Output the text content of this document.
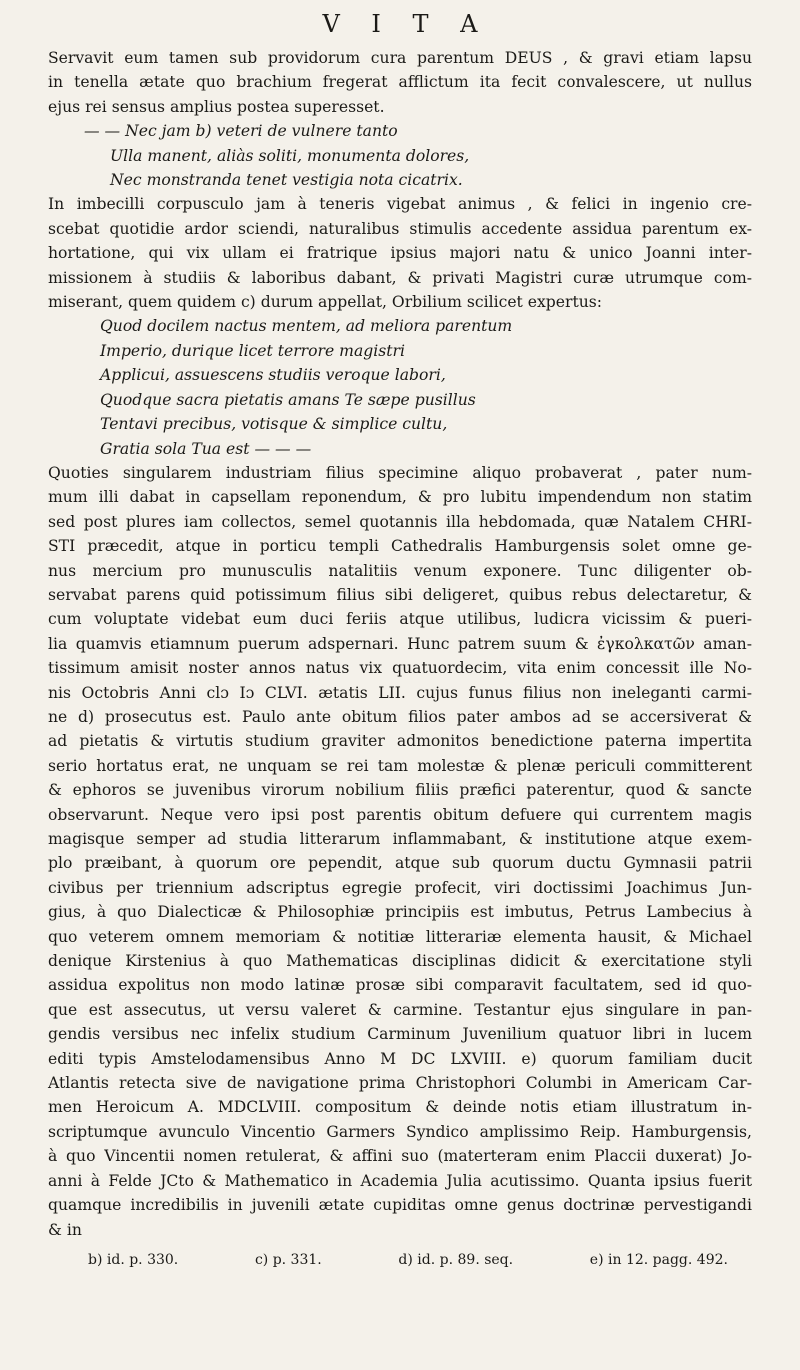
V I T A

Servavit eum tamen sub providorum cura parentum DEUS , & gravi etiam lapsu

in tenella ætate quo brachium fregerat afflictum ita fecit convalescere, ut nullus

ejus rei sensus amplius postea superesset.

— — Nec jam b) veteri de vulnere tanto
Ulla manent, aliàs soliti, monumenta dolores,
Nec monstranda tenet vestigia nota cicatrix.

In imbecilli corpusculo jam à teneris vigebat animus , & felici in ingenio cre-

scebat quotidie ardor sciendi, naturalibus stimulis accedente assidua parentum ex-

hortatione, qui vix ullam ei fratrique ipsius majori natu & unico Joanni inter-

missionem à studiis & laboribus dabant, & privati Magistri curæ utrumque com-

miserant, quem quidem c) durum appellat, Orbilium scilicet expertus:

Quod docilem nactus mentem, ad meliora parentum
Imperio, durique licet terrore magistri
Applicui, assuescens studiis veroque labori,
Quodque sacra pietatis amans Te sæpe pusillus
Tentavi precibus, votisque & simplice cultu,
Gratia sola Tua est — — —

Quoties singularem industriam filius specimine aliquo probaverat , pater num-

mum illi dabat in capsellam reponendum, & pro lubitu impendendum non statim

sed post plures iam collectos, semel quotannis illa hebdomada, quæ Natalem CHRI-

STI præcedit, atque in porticu templi Cathedralis Hamburgensis solet omne ge-

nus mercium pro munusculis natalitiis venum exponere. Tunc diligenter ob-

servabat parens quid potissimum filius sibi deligeret, quibus rebus delectaretur, &

cum voluptate videbat eum duci feriis atque utilibus, ludicra vicissim & pueri-

lia quamvis etiamnum puerum adspernari. Hunc patrem suum & ἐγκολκατῶν aman-

tissimum amisit noster annos natus vix quatuordecim, vita enim concessit ille No-

nis Octobris Anni clɔ Iɔ CLVI. ætatis LII. cujus funus filius non ineleganti carmi-

ne d) prosecutus est. Paulo ante obitum filios pater ambos ad se accersiverat &

ad pietatis & virtutis studium graviter admonitos benedictione paterna impertita

serio hortatus erat, ne unquam se rei tam molestæ & plenæ periculi committerent

& ephoros se juvenibus virorum nobilium filiis præfici paterentur, quod & sancte

observarunt. Neque vero ipsi post parentis obitum defuere qui currentem magis

magisque semper ad studia litterarum inflammabant, & institutione atque exem-

plo præibant, à quorum ore pependit, atque sub quorum ductu Gymnasii patrii

civibus per triennium adscriptus egregie profecit, viri doctissimi Joachimus Jun-

gius, à quo Dialecticæ & Philosophiæ principiis est imbutus, Petrus Lambecius à

quo veterem omnem memoriam & notitiæ litterariæ elementa hausit, & Michael

denique Kirstenius à quo Mathematicas disciplinas didicit & exercitatione styli

assidua expolitus non modo latinæ prosæ sibi comparavit facultatem, sed id quo-

que est assecutus, ut versu valeret & carmine. Testantur ejus singulare in pan-

gendis versibus nec infelix studium Carminum Juvenilium quatuor libri in lucem

editi typis Amstelodamensibus Anno M DC LXVIII. e) quorum familiam ducit

Atlantis retecta sive de navigatione prima Christophori Columbi in Americam Car-

men Heroicum A. MDCLVIII. compositum & deinde notis etiam illustratum in-

scriptumque avunculo Vincentio Garmers Syndico amplissimo Reip. Hamburgensis,

à quo Vincentii nomen retulerat, & affini suo (materteram enim Placcii duxerat) Jo-

anni à Felde JCto & Mathematico in Academia Julia acutissimo. Quanta ipsius fuerit

quamque incredibilis in juvenili ætate cupiditas omne genus doctrinæ pervestigandi

& in

b) id. p. 330.	c) p. 331.	d) id. p. 89. seq.	e) in 12. pagg. 492.
